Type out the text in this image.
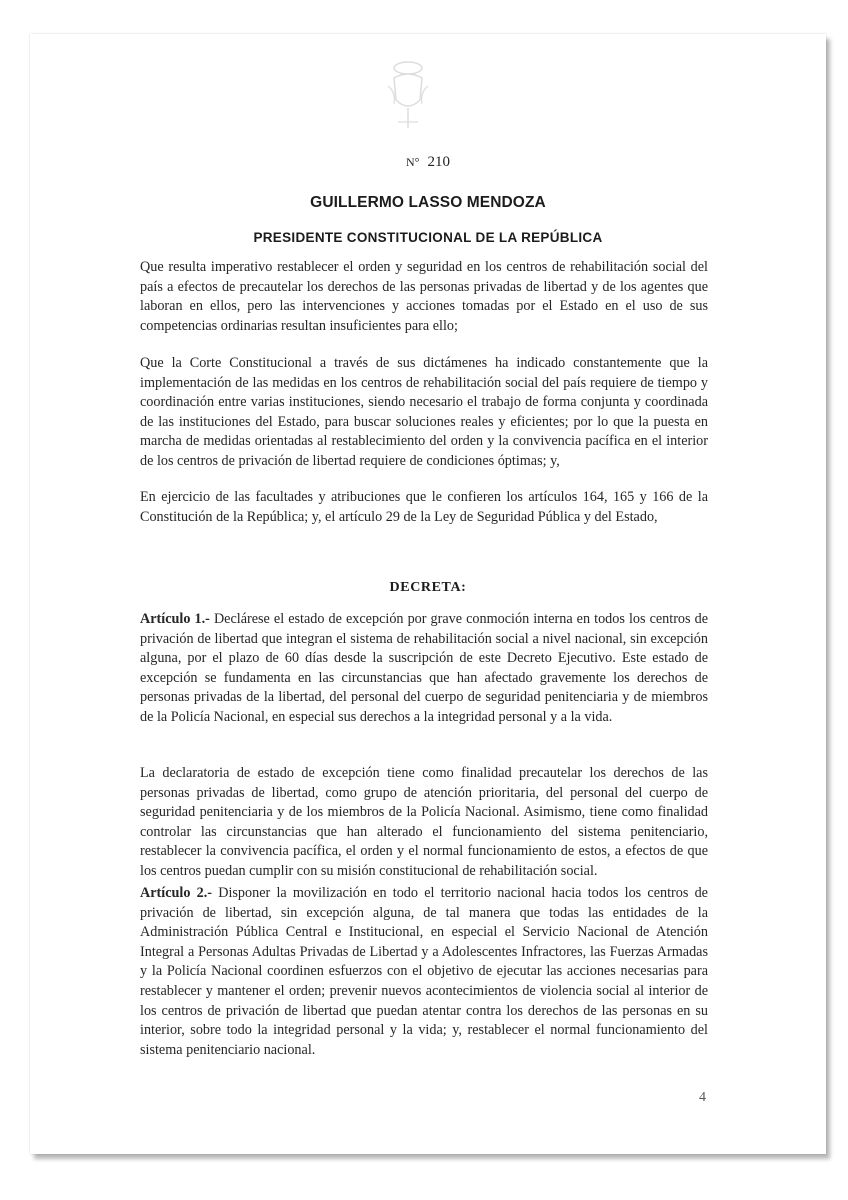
N° 210
GUILLERMO LASSO MENDOZA
PRESIDENTE CONSTITUCIONAL DE LA REPÚBLICA

Que resulta imperativo restablecer el orden y seguridad en los centros de rehabilitación social del país a efectos de precautelar los derechos de las personas privadas de libertad y de los agentes que laboran en ellos, pero las intervenciones y acciones tomadas por el Estado en el uso de sus competencias ordinarias resultan insuficientes para ello;

Que la Corte Constitucional a través de sus dictámenes ha indicado constantemente que la implementación de las medidas en los centros de rehabilitación social del país requiere de tiempo y coordinación entre varias instituciones, siendo necesario el trabajo de forma conjunta y coordinada de las instituciones del Estado, para buscar soluciones reales y eficientes; por lo que la puesta en marcha de medidas orientadas al restablecimiento del orden y la convivencia pacífica en el interior de los centros de privación de libertad requiere de condiciones óptimas; y,

En ejercicio de las facultades y atribuciones que le confieren los artículos 164, 165 y 166 de la Constitución de la República; y, el artículo 29 de la Ley de Seguridad Pública y del Estado,

DECRETA:

Artículo 1.- Declárese el estado de excepción por grave conmoción interna en todos los centros de privación de libertad que integran el sistema de rehabilitación social a nivel nacional, sin excepción alguna, por el plazo de 60 días desde la suscripción de este Decreto Ejecutivo. Este estado de excepción se fundamenta en las circunstancias que han afectado gravemente los derechos de personas privadas de la libertad, del personal del cuerpo de seguridad penitenciaria y de miembros de la Policía Nacional, en especial sus derechos a la integridad personal y a la vida.

La declaratoria de estado de excepción tiene como finalidad precautelar los derechos de las personas privadas de libertad, como grupo de atención prioritaria, del personal del cuerpo de seguridad penitenciaria y de los miembros de la Policía Nacional. Asimismo, tiene como finalidad controlar las circunstancias que han alterado el funcionamiento del sistema penitenciario, restablecer la convivencia pacífica, el orden y el normal funcionamiento de estos, a efectos de que los centros puedan cumplir con su misión constitucional de rehabilitación social.

Artículo 2.- Disponer la movilización en todo el territorio nacional hacia todos los centros de privación de libertad, sin excepción alguna, de tal manera que todas las entidades de la Administración Pública Central e Institucional, en especial el Servicio Nacional de Atención Integral a Personas Adultas Privadas de Libertad y a Adolescentes Infractores, las Fuerzas Armadas y la Policía Nacional coordinen esfuerzos con el objetivo de ejecutar las acciones necesarias para restablecer y mantener el orden; prevenir nuevos acontecimientos de violencia social al interior de los centros de privación de libertad que puedan atentar contra los derechos de las personas en su interior, sobre todo la integridad personal y la vida; y, restablecer el normal funcionamiento del sistema penitenciario nacional.

4
